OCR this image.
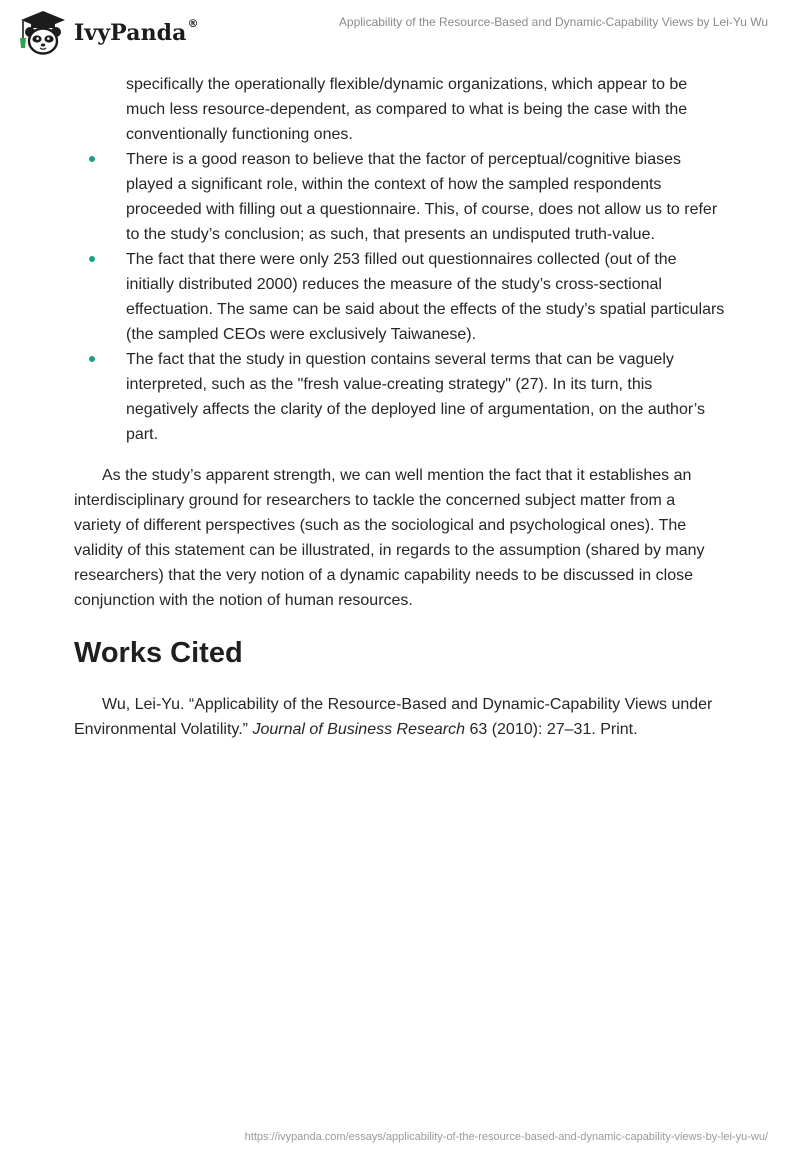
IvyPanda®	Applicability of the Resource-Based and Dynamic-Capability Views by Lei-Yu Wu

specifically the operationally flexible/dynamic organizations, which appear to be much less resource-dependent, as compared to what is being the case with the conventionally functioning ones.

There is a good reason to believe that the factor of perceptual/cognitive biases played a significant role, within the context of how the sampled respondents proceeded with filling out a questionnaire. This, of course, does not allow us to refer to the study’s conclusion; as such, that presents an undisputed truth-value.
The fact that there were only 253 filled out questionnaires collected (out of the initially distributed 2000) reduces the measure of the study’s cross-sectional effectuation. The same can be said about the effects of the study’s spatial particulars (the sampled CEOs were exclusively Taiwanese).
The fact that the study in question contains several terms that can be vaguely interpreted, such as the "fresh value-creating strategy" (27). In its turn, this negatively affects the clarity of the deployed line of argumentation, on the author’s part.

As the study’s apparent strength, we can well mention the fact that it establishes an interdisciplinary ground for researchers to tackle the concerned subject matter from a variety of different perspectives (such as the sociological and psychological ones). The validity of this statement can be illustrated, in regards to the assumption (shared by many researchers) that the very notion of a dynamic capability needs to be discussed in close conjunction with the notion of human resources.

Works Cited

Wu, Lei-Yu. “Applicability of the Resource-Based and Dynamic-Capability Views under Environmental Volatility.” Journal of Business Research 63 (2010): 27–31. Print.

https://ivypanda.com/essays/applicability-of-the-resource-based-and-dynamic-capability-views-by-lei-yu-wu/
